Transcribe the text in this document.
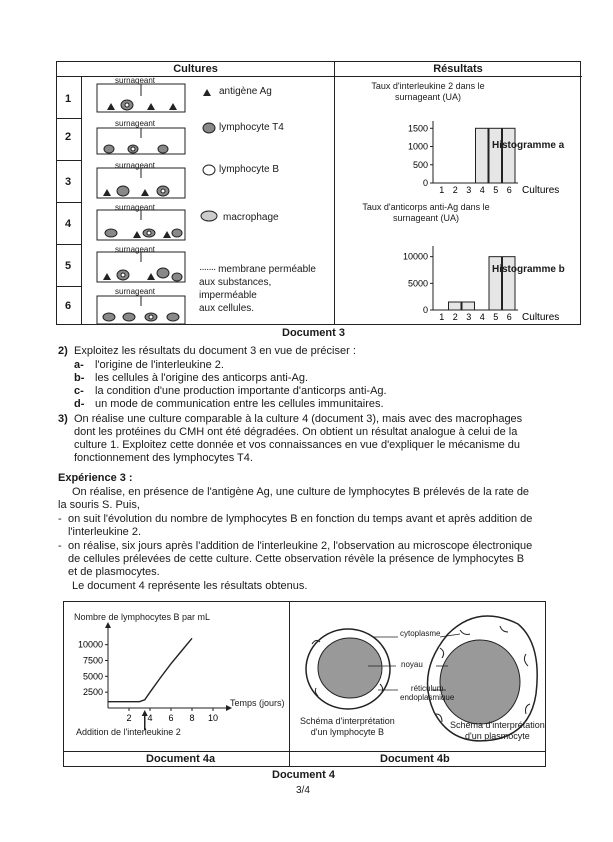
Cultures	Résultats
1
2
3
4
5
6
surnageant
surnageant
surnageant
surnageant
surnageant
surnageant
antigène Ag
lymphocyte T4
lymphocyte B
macrophage
······· membrane perméable
aux substances, imperméable
aux cellules.
Taux d'interleukine 2 dans le
surnageant (UA)
1500
1000
500
0
1 2 3 4 5 6 Cultures
Histogramme a
Taux d'anticorps anti-Ag dans le
surnageant (UA)
10000
5000
0
1 2 3 4 5 6 Cultures
Histogramme b
Document 3
2) Exploitez les résultats du document 3 en vue de préciser :
a- l'origine de l'interleukine 2.
b- les cellules à l'origine des anticorps anti-Ag.
c- la condition d'une production importante d'anticorps anti-Ag.
d- un mode de communication entre les cellules immunitaires.
3) On réalise une culture comparable à la culture 4 (document 3), mais avec des macrophages
dont les protéines du CMH ont été dégradées. On obtient un résultat analogue à celui de la
culture 1. Exploitez cette donnée et vos connaissances en vue d'expliquer le mécanisme du
fonctionnement des lymphocytes T4.
Expérience 3 :
On réalise, en présence de l'antigène Ag, une culture de lymphocytes B prélevés de la rate de
la souris S. Puis,
- on suit l'évolution du nombre de lymphocytes B en fonction du temps avant et après addition de
l'interleukine 2.
- on réalise, six jours après l'addition de l'interleukine 2, l'observation au microscope électronique
de cellules prélevées de cette culture. Cette observation révèle la présence de lymphocytes B
et de plasmocytes.
Le document 4 représente les résultats obtenus.
Nombre de lymphocytes B par mL
10000
7500
5000
2500
2 4 6 8 10
Temps (jours)
Addition de l'interleukine 2
Document 4a
cytoplasme
noyau
réticulum
endoplasmique
Schéma d'interprétation
d'un lymphocyte B
Schéma d'interprétation
d'un plasmocyte
Document 4b
Document 4
3/4
